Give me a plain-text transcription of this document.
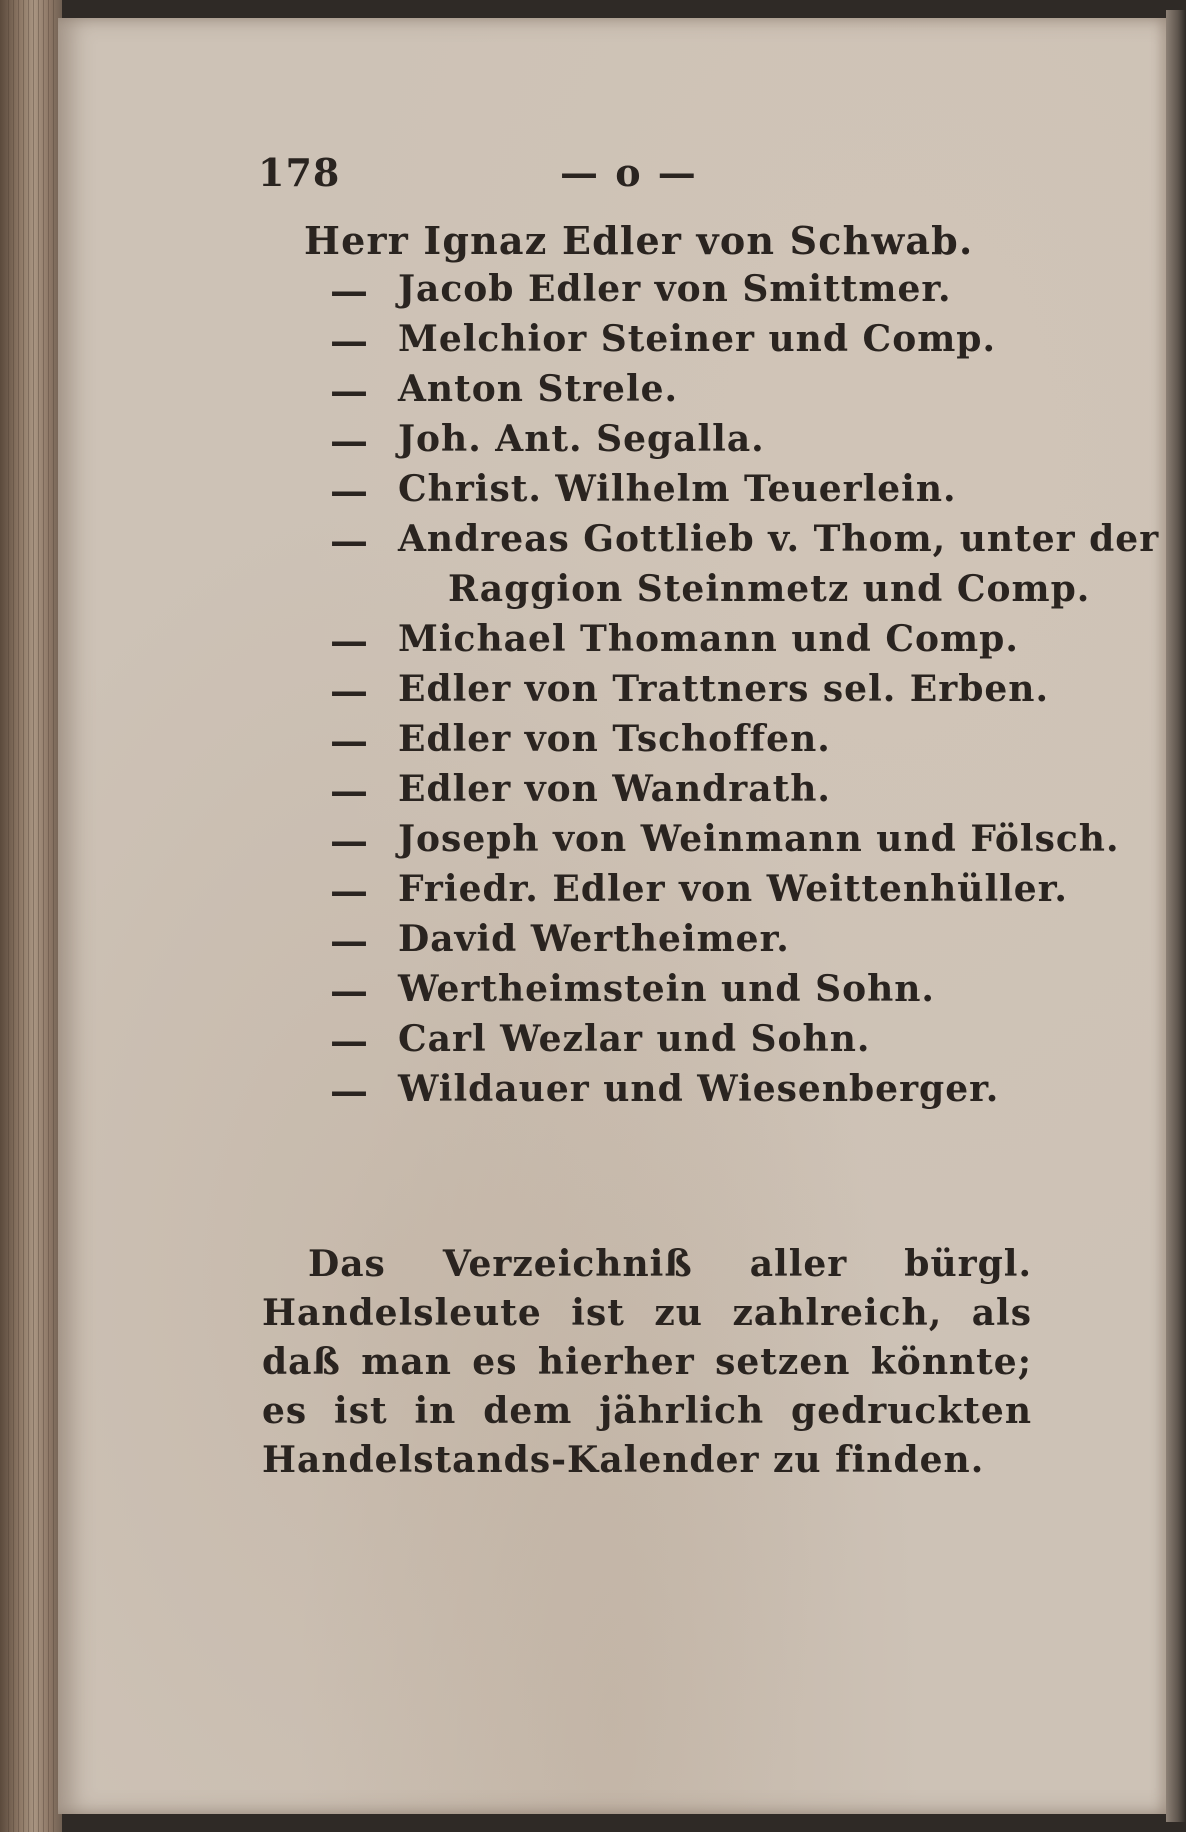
178	— o —
Herr Ignaz Edler von Schwab.
— Jacob Edler von Smittmer.
— Melchior Steiner und Comp.
— Anton Strele.
— Joh. Ant. Segalla.
— Christ. Wilhelm Teuerlein.
— Andreas Gottlieb v. Thom, unter der
Raggion Steinmetz und Comp.
— Michael Thomann und Comp.
— Edler von Trattners sel. Erben.
— Edler von Tschoffen.
— Edler von Wandrath.
— Joseph von Weinmann und Fölsch.
— Friedr. Edler von Weittenhüller.
— David Wertheimer.
— Wertheimstein und Sohn.
— Carl Wezlar und Sohn.
— Wildauer und Wiesenberger.
Das Verzeichniß aller bürgl. Handelsleute ist zu zahlreich, als daß man es hierher setzen könnte; es ist in dem jährlich gedruckten Handelstands-Kalender zu finden.
